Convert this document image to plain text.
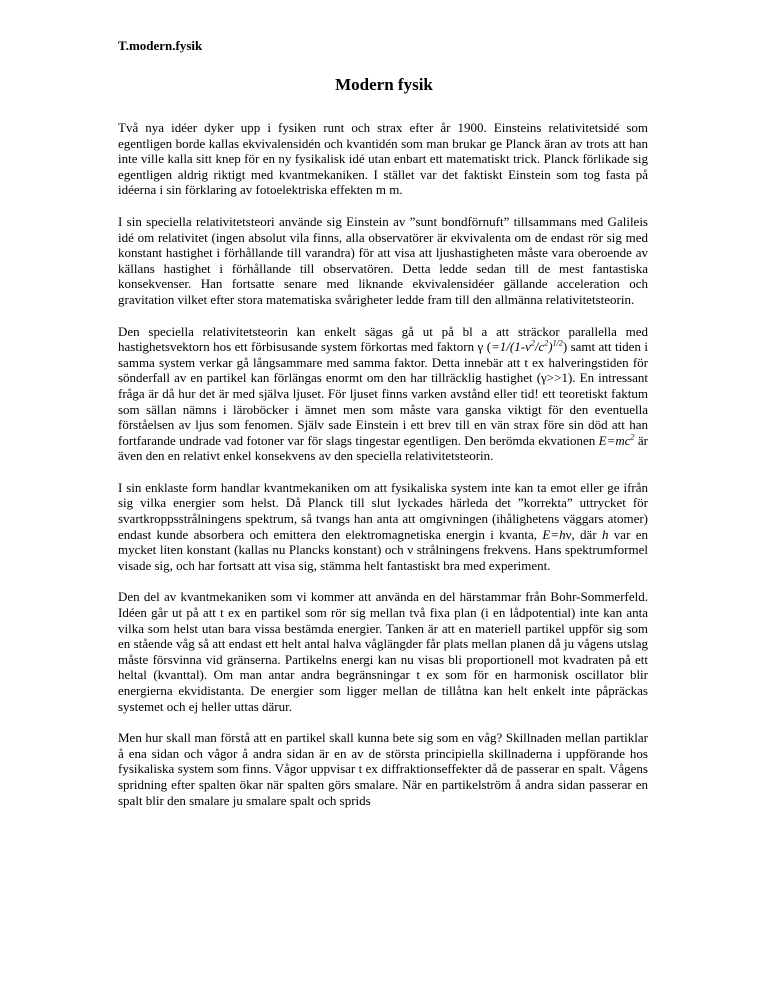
T.modern.fysik
Modern fysik

Två nya idéer dyker upp i fysiken runt och strax efter år 1900. Einsteins relativitetsidé som egentligen borde kallas ekvivalensidén och kvantidén som man brukar ge Planck äran av trots att han inte ville kalla sitt knep för en ny fysikalisk idé utan enbart ett matematiskt trick. Planck förlikade sig egentligen aldrig riktigt med kvantmekaniken. I stället var det faktiskt Einstein som tog fasta på idéerna i sin förklaring av fotoelektriska effekten m m.

I sin speciella relativitetsteori använde sig Einstein av ”sunt bondförnuft” tillsammans med Galileis idé om relativitet (ingen absolut vila finns, alla observatörer är ekvivalenta om de endast rör sig med konstant hastighet i förhållande till varandra) för att visa att ljushastigheten måste vara oberoende av källans hastighet i förhållande till observatören. Detta ledde sedan till de mest fantastiska konsekvenser. Han fortsatte senare med liknande ekvivalensidéer gällande acceleration och gravitation vilket efter stora matematiska svårigheter ledde fram till den allmänna relativitetsteorin.

Den speciella relativitetsteorin kan enkelt sägas gå ut på bl a att sträckor parallella med hastighetsvektorn hos ett förbisusande system förkortas med faktorn γ $(=1/(1-v^2/c^2)^{1/2})$ samt att tiden i samma system verkar gå långsammare med samma faktor. Detta innebär att t ex halveringstiden för sönderfall av en partikel kan förlängas enormt om den har tillräcklig hastighet (γ>>1). En intressant fråga är då hur det är med själva ljuset. För ljuset finns varken avstånd eller tid! ett teoretiskt faktum som sällan nämns i läroböcker i ämnet men som måste vara ganska viktigt för den eventuella förståelsen av ljus som fenomen. Själv sade Einstein i ett brev till en vän strax före sin död att han fortfarande undrade vad fotoner var för slags tingestar egentligen. Den berömda ekvationen $E=mc^2$ är även den en relativt enkel konsekvens av den speciella relativitetsteorin.

I sin enklaste form handlar kvantmekaniken om att fysikaliska system inte kan ta emot eller ge ifrån sig vilka energier som helst. Då Planck till slut lyckades härleda det ”korrekta” uttrycket för svartkroppsstrålningens spektrum, så tvangs han anta att omgivningen (ihålighetens väggars atomer) endast kunde absorbera och emittera den elektromagnetiska energin i kvanta, E=hν, där h var en mycket liten konstant (kallas nu Plancks konstant) och ν strålningens frekvens. Hans spektrumformel visade sig, och har fortsatt att visa sig, stämma helt fantastiskt bra med experiment.

Den del av kvantmekaniken som vi kommer att använda en del härstammar från Bohr-Sommerfeld. Idéen går ut på att t ex en partikel som rör sig mellan två fixa plan (i en lådpotential) inte kan anta vilka som helst utan bara vissa bestämda energier. Tanken är att en materiell partikel uppför sig som en stående våg så att endast ett helt antal halva våglängder får plats mellan planen då ju vågens utslag måste försvinna vid gränserna. Partikelns energi kan nu visas bli proportionell mot kvadraten på ett heltal (kvanttal). Om man antar andra begränsningar t ex som för en harmonisk oscillator blir energierna ekvidistanta. De energier som ligger mellan de tillåtna kan helt enkelt inte påpräckas systemet och ej heller uttas därur.

Men hur skall man förstå att en partikel skall kunna bete sig som en våg? Skillnaden mellan partiklar å ena sidan och vågor å andra sidan är en av de största principiella skillnaderna i uppförande hos fysikaliska system som finns. Vågor uppvisar t ex diffraktionseffekter då de passerar en spalt. Vågens spridning efter spalten ökar när spalten görs smalare. När en partikelström å andra sidan passerar en spalt blir den smalare ju smalare spalt och sprids
